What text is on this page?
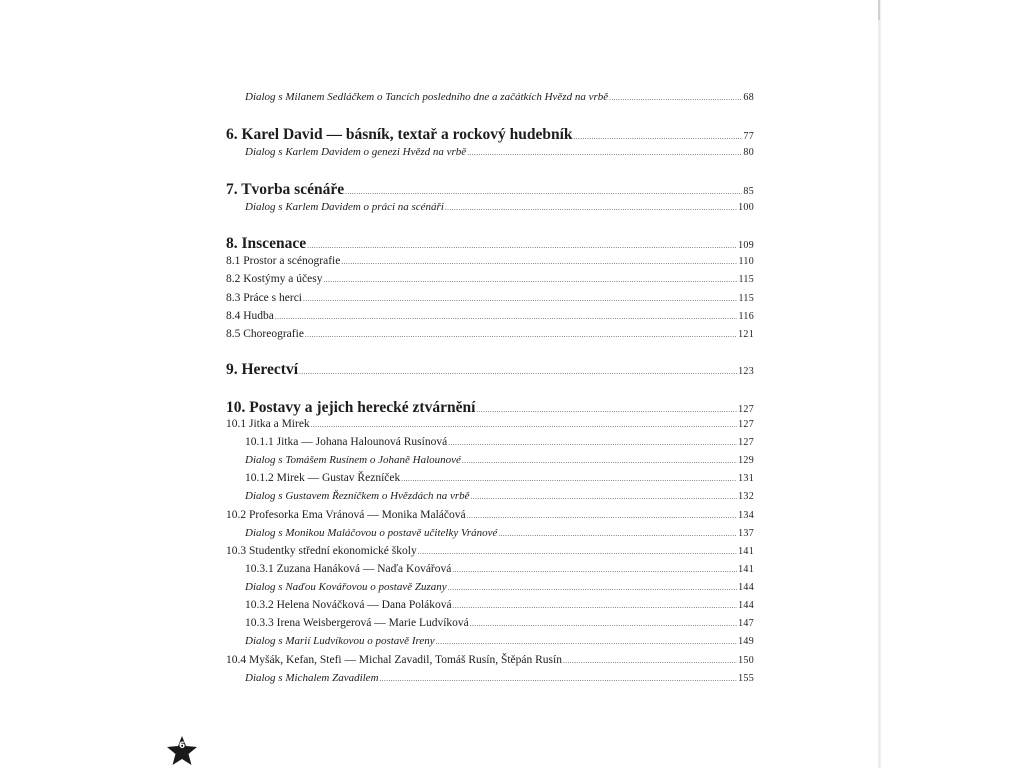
Dialog s Milanem Sedláčkem o Tancích posledního dne a začátkích Hvězd na vrbě .....	68
6. Karel David — básník, textař a rockový hudebník .....	77
Dialog s Karlem Davidem o genezi Hvězd na vrbě .....	80
7. Tvorba scénáře .....	85
Dialog s Karlem Davidem o práci na scénáři .....	100
8. Inscenace .....	109
8.1 Prostor a scénografie .....	110
8.2 Kostýmy a účesy .....	115
8.3 Práce s herci .....	115
8.4 Hudba .....	116
8.5 Choreografie .....	121
9. Herectví .....	123
10. Postavy a jejich herecké ztvárnění .....	127
10.1 Jitka a Mirek .....	127
10.1.1 Jitka — Johana Halounová Rusínová .....	127
Dialog s Tomášem Rusínem o Johaně Halounové .....	129
10.1.2 Mirek — Gustav Řezníček .....	131
Dialog s Gustavem Řezníčkem o Hvězdách na vrbě .....	132
10.2 Profesorka Ema Vránová — Monika Maláčová .....	134
Dialog s Monikou Maláčovou o postavě učitelky Vránové .....	137
10.3 Studentky střední ekonomické školy .....	141
10.3.1 Zuzana Hanáková — Naďa Kovářová .....	141
Dialog s Naďou Kovářovou o postavě Zuzany .....	144
10.3.2 Helena Nováčková — Dana Poláková .....	144
10.3.3 Irena Weisbergerová — Marie Ludvíková .....	147
Dialog s Marií Ludvíkovou o postavě Ireny .....	149
10.4 Myšák, Kefan, Stefi — Michal Zavadil, Tomáš Rusín, Štěpán Rusín .....	150
Dialog s Michalem Zavadilem .....	155
6
